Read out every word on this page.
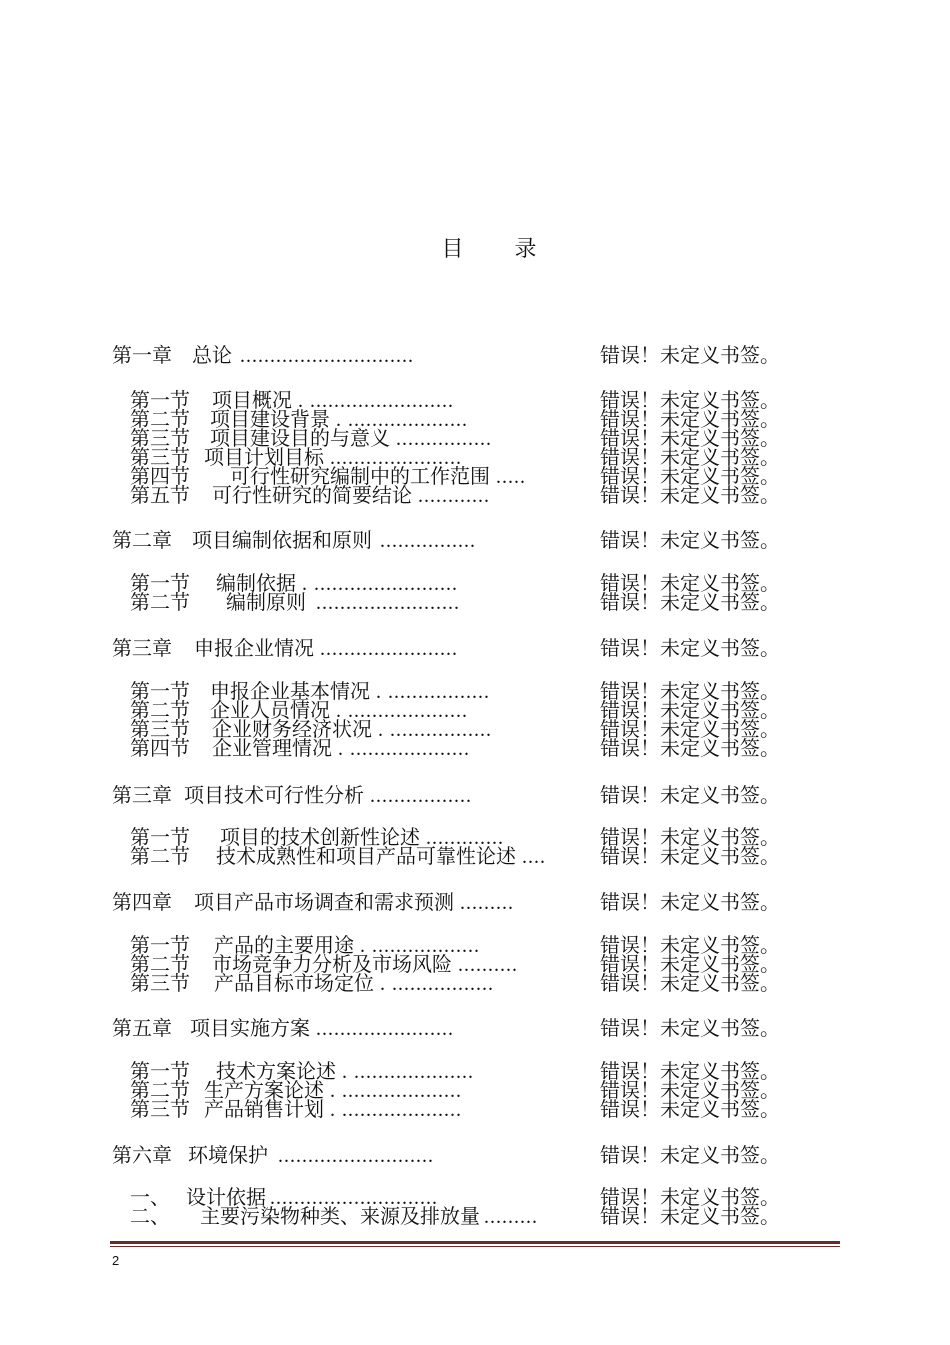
目 录
第一章 总论 .............................	错误！未定义书签。
第一节 项目概况 . ........................	错误！未定义书签。
第二节 项目建设背景 . ....................	错误！未定义书签。
第三节 项目建设目的与意义 ................	错误！未定义书签。
第三节 项目计划目标 ......................	错误！未定义书签。
第四节 可行性研究编制中的工作范围 .....	错误！未定义书签。
第五节 可行性研究的简要结论 ............	错误！未定义书签。
第二章 项目编制依据和原则 ................	错误！未定义书签。
第一节 编制依据 . ........................	错误！未定义书签。
第二节 编制原则 ........................	错误！未定义书签。
第三章 申报企业情况 .......................	错误！未定义书签。
第一节 申报企业基本情况 . .................	错误！未定义书签。
第二节 企业人员情况 . ....................	错误！未定义书签。
第三节 企业财务经济状况 . .................	错误！未定义书签。
第四节 企业管理情况 . ....................	错误！未定义书签。
第三章 项目技术可行性分析 .................	错误！未定义书签。
第一节 项目的技术创新性论述 .............	错误！未定义书签。
第二节 技术成熟性和项目产品可靠性论述 ....	错误！未定义书签。
第四章 项目产品市场调查和需求预测 .........	错误！未定义书签。
第一节 产品的主要用途 . ..................	错误！未定义书签。
第二节 市场竞争力分析及市场风险 ..........	错误！未定义书签。
第三节 产品目标市场定位 . .................	错误！未定义书签。
第五章 项目实施方案 .......................	错误！未定义书签。
第一节 技术方案论述 . ....................	错误！未定义书签。
第二节 生产方案论述 . ....................	错误！未定义书签。
第三节 产品销售计划 . ....................	错误！未定义书签。
第六章 环境保护 ..........................	错误！未定义书签。
一、 设计依据 ............................	错误！未定义书签。
二、 主要污染物种类、来源及排放量 .........	错误！未定义书签。
2
